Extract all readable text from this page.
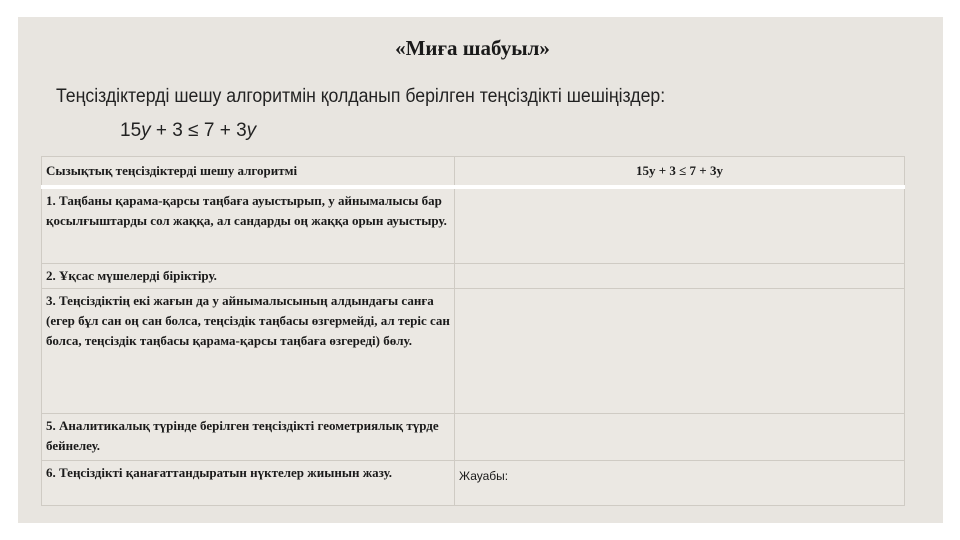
«Миға шабуыл»
Теңсіздіктерді шешу алгоритмін қолданып берілген теңсіздікті шешіңіздер:
15у + 3 ≤ 7 + 3у
Сызықтық теңсіздіктерді шешу алгоритмі	15у + 3 ≤ 7 + 3у
1. Таңбаны қарама-қарсы таңбаға ауыстырып, у айнымалысы бар қосылғыштарды сол жаққа, ал сандарды оң жаққа орын ауыстыру.	
2. Ұқсас мүшелерді біріктіру.	
3. Теңсіздіктің екі жағын да у айнымалысының алдындағы санға (егер бұл сан оң сан болса, теңсіздік таңбасы өзгермейді, ал теріс сан болса, теңсіздік таңбасы қарама-қарсы таңбаға өзгереді) бөлу.	
5. Аналитикалық түрінде берілген теңсіздікті геометриялық түрде бейнелеу.	
6. Теңсіздікті қанағаттандыратын нүктелер жиынын жазу.	Жауабы:
